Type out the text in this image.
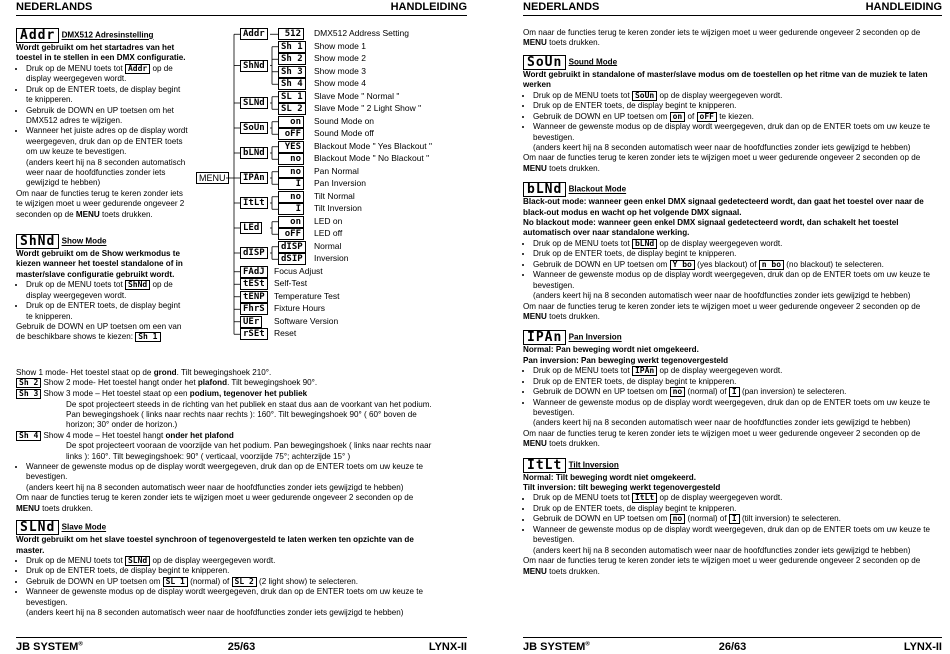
NEDERLANDS	HANDLEIDING

Addr DMX512 Adresinstelling

Wordt gebruikt om het startadres van het toestel in te stellen in een DMX configuratie.

• Druk op de MENU toets tot Addr op de display weergegeven wordt.
• Druk op de ENTER toets, de display begint te knipperen.
• Gebruik de DOWN en UP toetsen om het DMX512 adres te wijzigen.
• Wanneer het juiste adres op de display wordt weergegeven, druk dan op de ENTER toets om uw keuze te bevestigen.

(anders keert hij na 8 seconden automatisch weer naar de hoofdfuncties zonder iets gewijzigd te hebben)

Om naar de functies terug te keren zonder iets te wijzigen moet u weer gedurende ongeveer 2 seconden op de MENU toets drukken.

ShNd Show Mode

Wordt gebruikt om de Show werkmodus te kiezen wanneer het toestel standalone of in master/slave configuratie gebruikt wordt.

• Druk op de MENU toets tot ShNd op de display weergegeven wordt.
• Druk op de ENTER toets, de display begint te knipperen.

Gebruik de DOWN en UP toetsen om een van de beschikbare shows te kiezen: Sh 1

Show 1 mode- Het toestel staat op de grond. Tilt bewegingshoek 210°.

Sh 2 Show 2 mode- Het toestel hangt onder het plafond. Tilt bewegingshoek 90°.

Sh 3 Show 3 mode – Het toestel staat op een podium, tegenover het publiek

De spot projecteert steeds in de richting van het publiek en staat dus aan de voorkant van het podium. Pan bewegingshoek ( links naar rechts naar rechts ): 160°. Tilt bewegingshoek 90° ( 60° boven de horizon; 30° onder de horizon.)

Sh 4 Show 4 mode – Het toestel hangt onder het plafond

De spot projecteert vooraan de voorzijde van het podium. Pan bewegingshoek ( links naar rechts naar links ): 160°. Tilt bewegingshoek: 90° ( verticaal, voorzijde 75°; achterzijde 15° )

• Wanneer de gewenste modus op de display wordt weergegeven, druk dan op de ENTER toets om uw keuze te bevestigen.

(anders keert hij na 8 seconden automatisch weer naar de hoofdfuncties zonder iets gewijzigd te hebben)

Om naar de functies terug te keren zonder iets te wijzigen moet u weer gedurende ongeveer 2 seconden op de MENU toets drukken.

SLNd Slave Mode

Wordt gebruikt om het slave toestel synchroon of tegenovergesteld te laten werken ten opzichte van de master.

• Druk op de MENU toets tot SLNd op de display weergegeven wordt.
• Druk op de ENTER toets, de display begint te knipperen.
• Gebruik de DOWN en UP toetsen om SL 1 (normal) of SL 2 (2 light show) te selecteren.
• Wanneer de gewenste modus op de display wordt weergegeven, druk dan op de ENTER toets om uw keuze te bevestigen.

(anders keert hij na 8 seconden automatisch weer naar de hoofdfuncties zonder iets gewijzigd te hebben)

MENU
Addr	512	DMX512 Address Setting
ShNd
Sh 1	Show mode 1
Sh 2	Show mode 2
Sh 3	Show mode 3
Sh 4	Show mode 4
SLNd
SL 1	Slave Mode " Normal "
SL 2	Slave Mode " 2 Light Show "
SoUn
on	Sound Mode on
oFF	Sound Mode off
bLNd
YES	Blackout Mode " Yes Blackout "
no	Blackout Mode " No Blackout "
IPAn
no	Pan Normal
I	Pan Inversion
ItLt
no	Tilt Normal
I	Tilt Inversion
LEd
on	LED on
oFF	LED off
dISP
dISP	Normal
dSIP	Inversion
FAdJ	Focus Adjust
tESt	Self-Test
tENP	Temperature Test
FhrS	Fixture Hours
UEr	Software Version
rSEt	Reset
JB SYSTEM®	25/63	LYNX-II
NEDERLANDS	HANDLEIDING

Om naar de functies terug te keren zonder iets te wijzigen moet u weer gedurende ongeveer 2 seconden op de MENU toets drukken.

SoUn Sound Mode

Wordt gebruikt in standalone of master/slave modus om de toestellen op het ritme van de muziek te laten werken

• Druk op de MENU toets tot SoUn op de display weergegeven wordt.
• Druk op de ENTER toets, de display begint te knipperen.
• Gebruik de DOWN en UP toetsen om on of oFF te kiezen.
• Wanneer de gewenste modus op de display wordt weergegeven, druk dan op de ENTER toets om uw keuze te bevestigen.

(anders keert hij na 8 seconden automatisch weer naar de hoofdfuncties zonder iets gewijzigd te hebben)

Om naar de functies terug te keren zonder iets te wijzigen moet u weer gedurende ongeveer 2 seconden op de MENU toets drukken.

bLNd Blackout Mode

Black-out mode: wanneer geen enkel DMX signaal gedetecteerd wordt, dan gaat het toestel over naar de black-out modus en wacht op het volgende DMX signaal.

No blackout mode: wanneer geen enkel DMX signaal gedetecteerd wordt, dan schakelt het toestel automatisch over naar standalone werking.

• Druk op de MENU toets tot bLNd op de display weergegeven wordt.
• Druk op de ENTER toets, de display begint te knipperen.
• Gebruik de DOWN en UP toetsen om Y bo (yes blackout) of n bo (no blackout) te selecteren.
• Wanneer de gewenste modus op de display wordt weergegeven, druk dan op de ENTER toets om uw keuze te bevestigen.

(anders keert hij na 8 seconden automatisch weer naar de hoofdfuncties zonder iets gewijzigd te hebben)

Om naar de functies terug te keren zonder iets te wijzigen moet u weer gedurende ongeveer 2 seconden op de MENU toets drukken.

IPAn Pan Inversion

Normal: Pan beweging wordt niet omgekeerd.

Pan inversion: Pan beweging werkt tegenovergesteld

• Druk op de MENU toets tot IPAn op de display weergegeven wordt.
• Druk op de ENTER toets, de display begint te knipperen.
• Gebruik de DOWN en UP toetsen om no (normal) of I (pan inversion) te selecteren.
• Wanneer de gewenste modus op de display wordt weergegeven, druk dan op de ENTER toets om uw keuze te bevestigen.

(anders keert hij na 8 seconden automatisch weer naar de hoofdfuncties zonder iets gewijzigd te hebben)

Om naar de functies terug te keren zonder iets te wijzigen moet u weer gedurende ongeveer 2 seconden op de MENU toets drukken.

ItLt Tilt Inversion

Normal: Tilt beweging wordt niet omgekeerd.

Tilt inversion: tilt beweging werkt tegenovergesteld

• Druk op de MENU toets tot ItLt op de display weergegeven wordt.
• Druk op de ENTER toets, de display begint te knipperen.
• Gebruik de DOWN en UP toetsen om no (normal) of I (tilt inversion) te selecteren.
• Wanneer de gewenste modus op de display wordt weergegeven, druk dan op de ENTER toets om uw keuze te bevestigen.

(anders keert hij na 8 seconden automatisch weer naar de hoofdfuncties zonder iets gewijzigd te hebben)

Om naar de functies terug te keren zonder iets te wijzigen moet u weer gedurende ongeveer 2 seconden op de MENU toets drukken.

JB SYSTEM®	26/63	LYNX-II
